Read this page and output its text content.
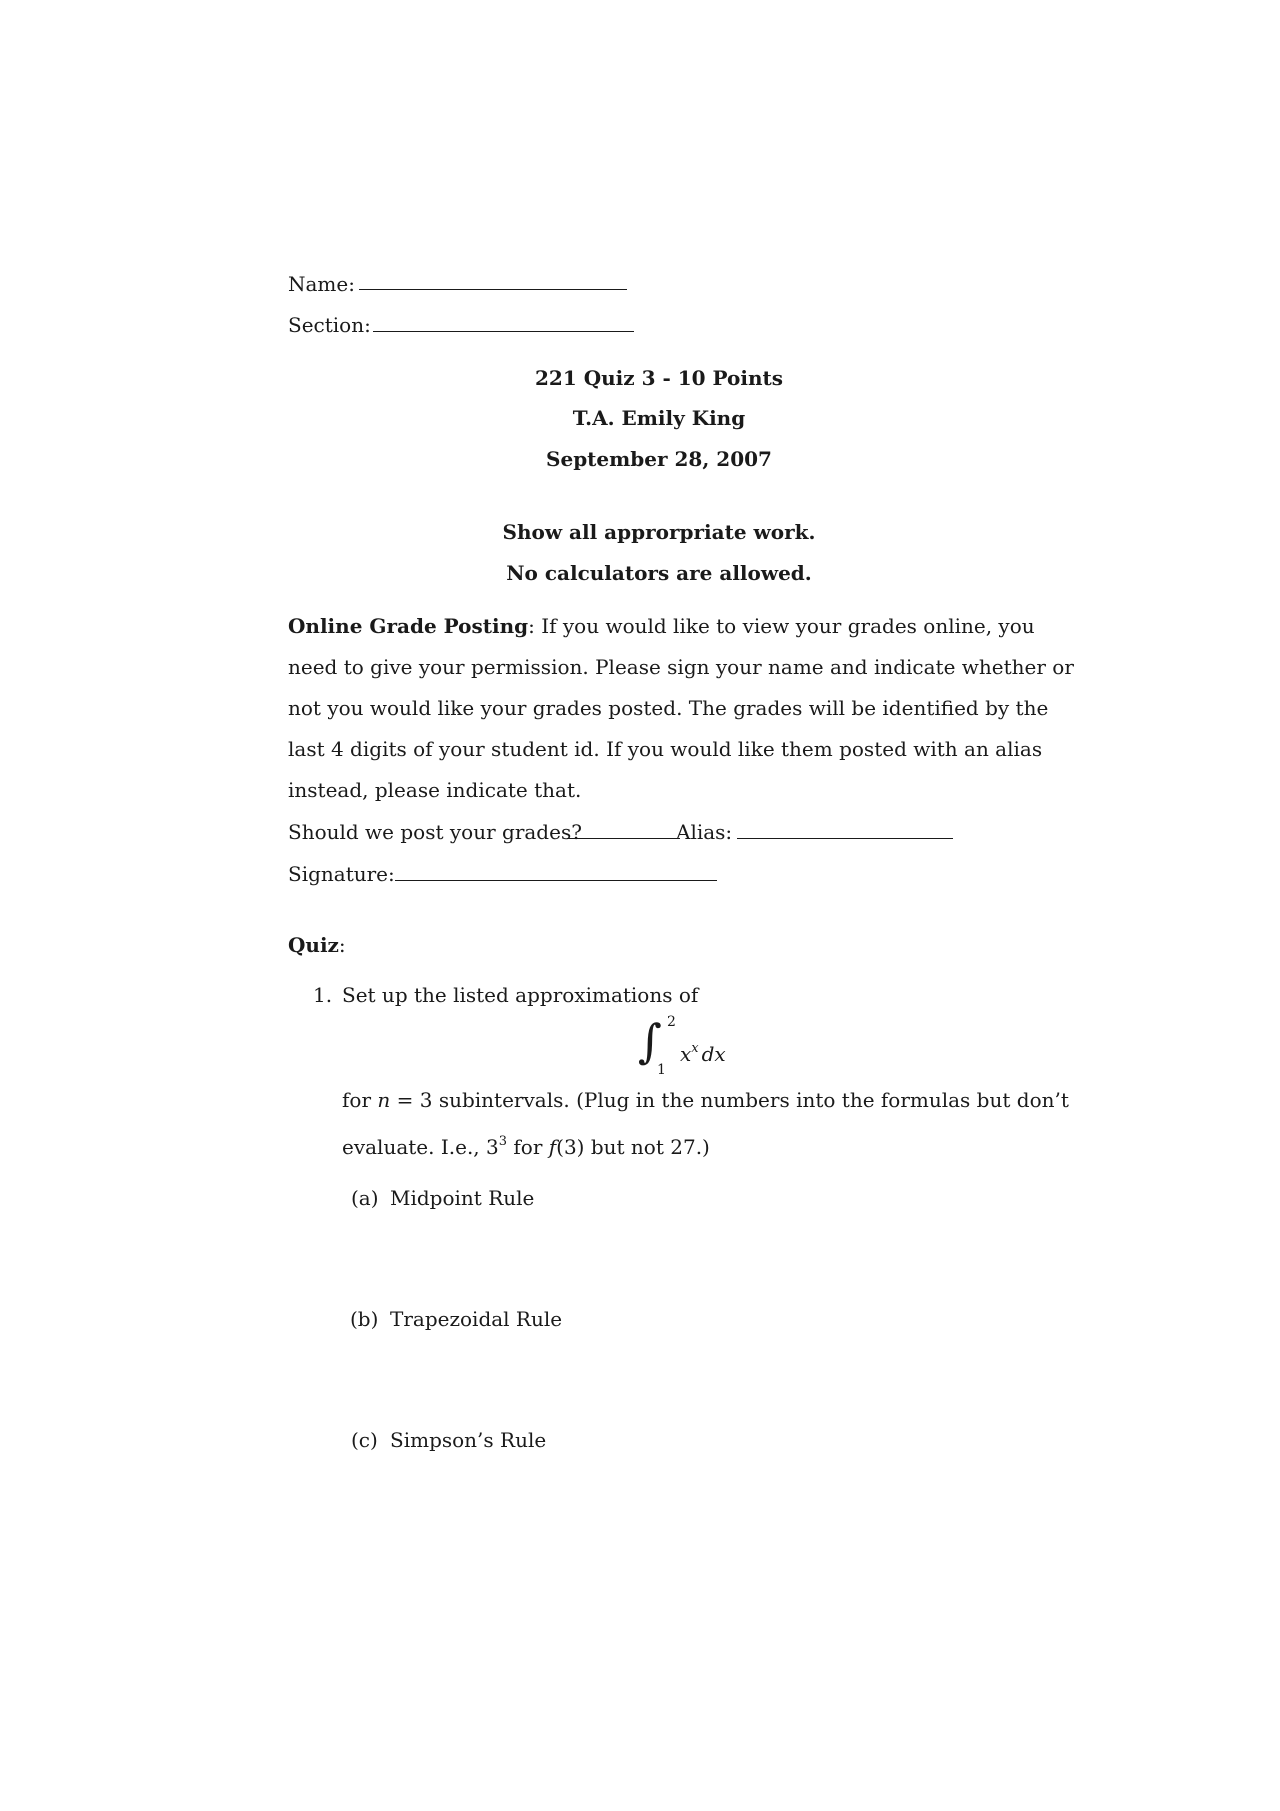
Name:
Section:
221 Quiz 3 - 10 Points
T.A. Emily King
September 28, 2007
Show all approrpriate work.
No calculators are allowed.
Online Grade Posting: If you would like to view your grades online, you
need to give your permission. Please sign your name and indicate whether or
not you would like your grades posted. The grades will be identified by the
last 4 digits of your student id. If you would like them posted with an alias
instead, please indicate that.
Should we post your grades?	Alias:
Signature:
Quiz:
1. Set up the listed approximations of
∫ 2
1
$x^x$ dx
for n = 3 subintervals. (Plug in the numbers into the formulas but don’t
evaluate. I.e., $3^3$ for f(3) but not 27.)
(a) Midpoint Rule
(b) Trapezoidal Rule
(c) Simpson’s Rule
